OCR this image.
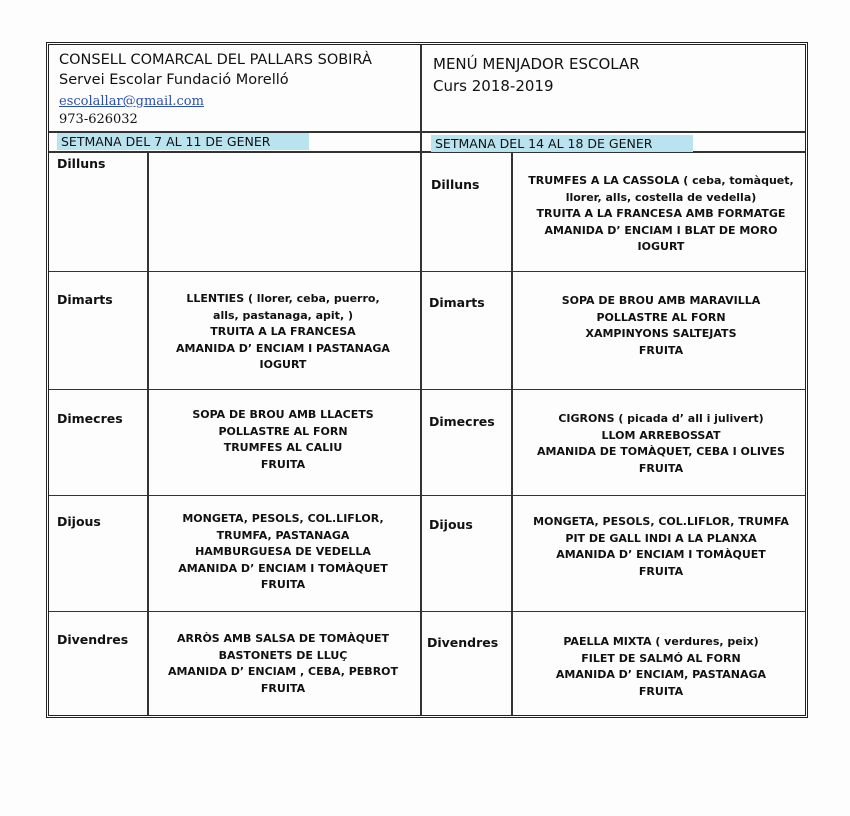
CONSELL COMARCAL DEL PALLARS SOBIRÀ
Servei Escolar Fundació Morelló
escolallar@gmail.com
973-626032
MENÚ MENJADOR ESCOLAR
Curs 2018-2019
SETMANA DEL 7 AL 11 DE GENER	SETMANA DEL 14 AL 18 DE GENER
Dilluns
Dimarts
Dimecres
Dijous
Divendres
LLENTIES ( llorer, ceba, puerro, alls, pastanaga, apit, )
TRUITA A LA FRANCESA
AMANIDA D’ ENCIAM I PASTANAGA
IOGURT
SOPA DE BROU AMB LLACETS
POLLASTRE AL FORN
TRUMFES AL CALIU
FRUITA
MONGETA, PESOLS, COL.LIFLOR, TRUMFA, PASTANAGA
HAMBURGUESA DE VEDELLA
AMANIDA D’ ENCIAM I TOMÀQUET
FRUITA
ARRÒS AMB SALSA DE TOMÀQUET
BASTONETS DE LLUÇ
AMANIDA D’ ENCIAM , CEBA, PEBROT
FRUITA
Dilluns
Dimarts
Dimecres
Dijous
Divendres
TRUMFES A LA CASSOLA ( ceba, tomàquet, llorer, alls, costella de vedella)
TRUITA A LA FRANCESA AMB FORMATGE
AMANIDA D’ ENCIAM I BLAT DE MORO
IOGURT
SOPA DE BROU AMB MARAVILLA
POLLASTRE AL FORN
XAMPINYONS SALTEJATS
FRUITA
CIGRONS ( picada d’ all i julivert)
LLOM ARREBOSSAT
AMANIDA DE TOMÀQUET, CEBA I OLIVES
FRUITA
MONGETA, PESOLS, COL.LIFLOR, TRUMFA
PIT DE GALL INDI A LA PLANXA
AMANIDA D’ ENCIAM I TOMÀQUET
FRUITA
PAELLA MIXTA ( verdures, peix)
FILET DE SALMÓ AL FORN
AMANIDA D’ ENCIAM, PASTANAGA
FRUITA
